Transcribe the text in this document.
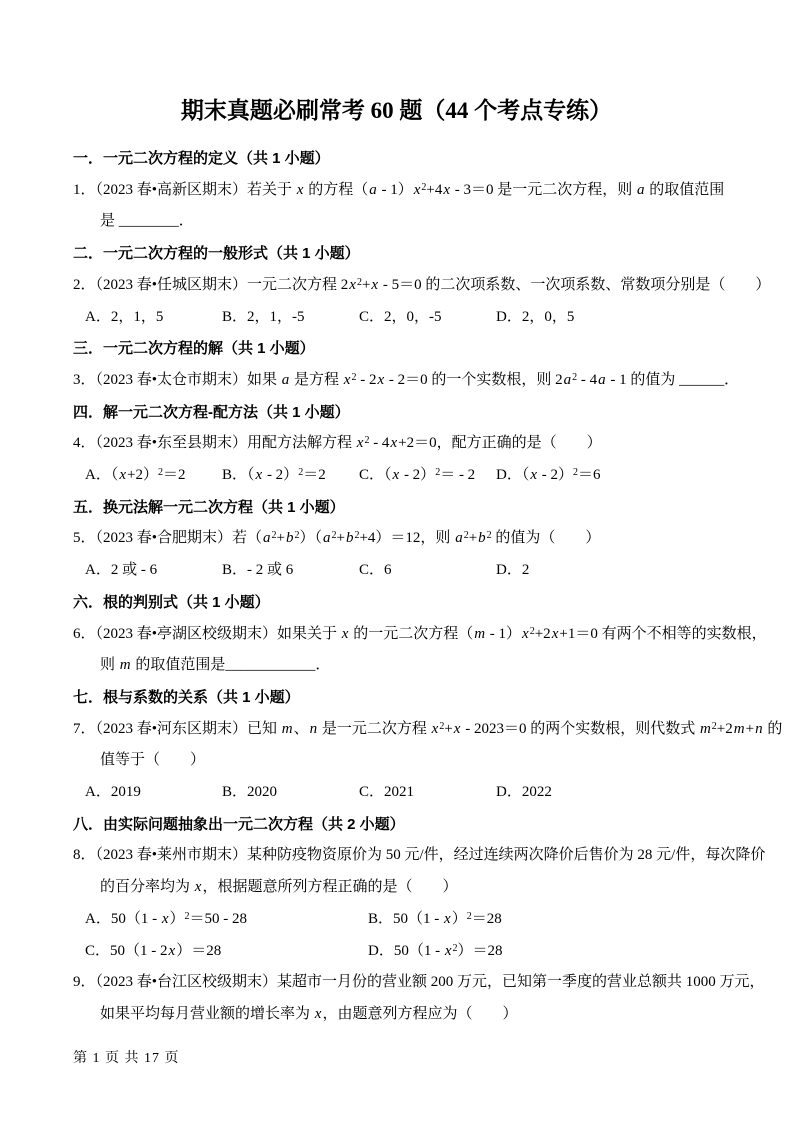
期末真题必刷常考 60 题（44 个考点专练）
一．一元二次方程的定义（共 1 小题）
1．（2023 春•高新区期末）若关于 x 的方程$(a - 1)x^2+4x - 3=0$ 是一元二次方程，则 a 的取值范围
是 ________．
二．一元二次方程的一般形式（共 1 小题）
2．（2023 春•任城区期末）一元二次方程 $2x^2+x - 5=0$ 的二次项系数、一次项系数、常数项分别是（　　）
A．2，1，5	B．2，1，-5	C．2，0，-5	D．2，0，5
三．一元二次方程的解（共 1 小题）
3．（2023 春•太仓市期末）如果 a 是方程 $x^2 - 2x - 2=0$ 的一个实数根，则 $2a^2 - 4a - 1$ 的值为 ______．
四．解一元二次方程-配方法（共 1 小题）
4．（2023 春•东至县期末）用配方法解方程 $x^2 - 4x+2=0$，配方正确的是（　　）
A．$(x+2)^2=2$	B．（x - 2）$^2$＝2	C．（x - 2）$^2$＝ - 2	D．（x - 2）$^2$＝6
五．换元法解一元二次方程（共 1 小题）
5．（2023 春•合肥期末）若$(a^2+b^2)(a^2+b^2+4)=12$，则 $a^2+b^2$ 的值为（　　）
A．2 或 - 6	B．- 2 或 6	C．6	D．2
六．根的判别式（共 1 小题）
6．（2023 春•亭湖区校级期末）如果关于 x 的一元二次方程$(m - 1)x^2+2x+1=0$ 有两个不相等的实数根，
则 m 的取值范围是____________．
七．根与系数的关系（共 1 小题）
7．（2023 春•河东区期末）已知 m、n 是一元二次方程 $x^2+x - 2023=0$ 的两个实数根，则代数式 $m^2+2m+n$ 的
值等于（　　）
A．2019	B．2020	C．2021	D．2022
八．由实际问题抽象出一元二次方程（共 2 小题）
8．（2023 春•莱州市期末）某种防疫物资原价为 50 元/件，经过连续两次降价后售价为 28 元/件，每次降价
的百分率均为 x，根据题意所列方程正确的是（　　）
A．50（1 - x）$^2$＝50 - 28	B．50（1 - x）$^2$＝28
C．50（1 - 2x）＝28	D．$50(1 - x^2)=28$
9．（2023 春•台江区校级期末）某超市一月份的营业额 200 万元，已知第一季度的营业总额共 1000 万元，
如果平均每月营业额的增长率为 x，由题意列方程应为（　　）
第 1 页 共 17 页
